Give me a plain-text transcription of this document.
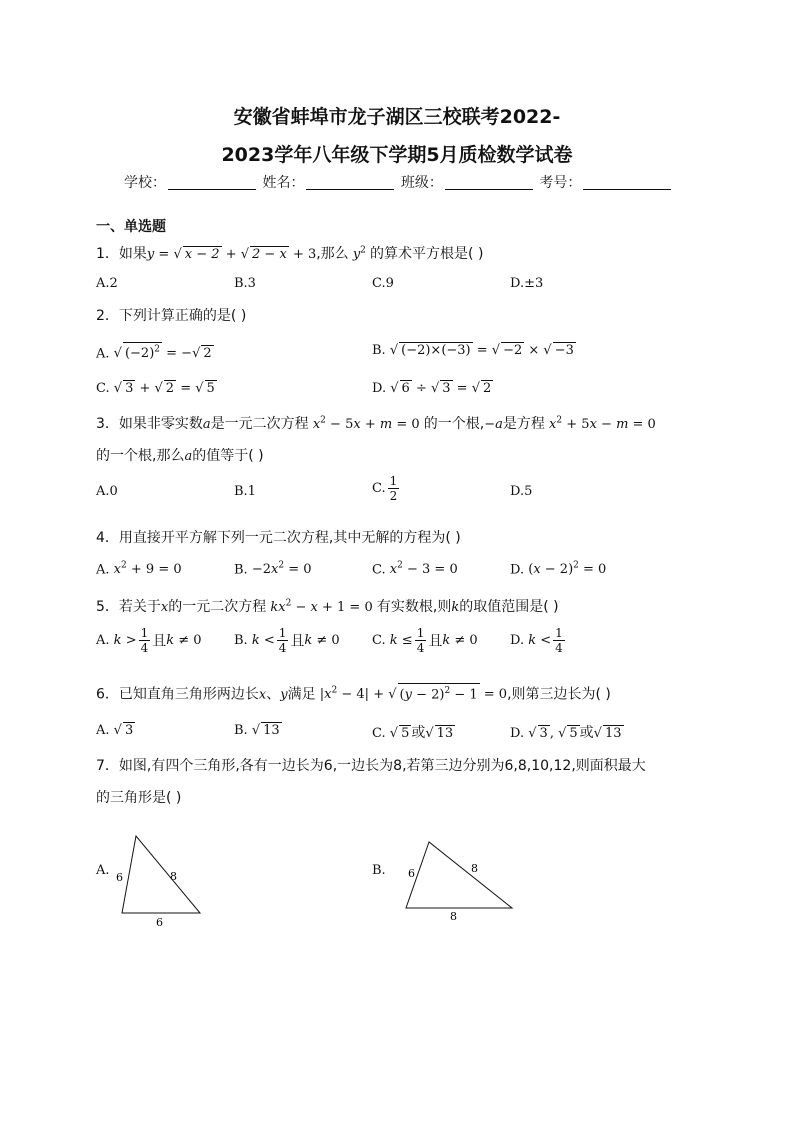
安徽省蚌埠市龙子湖区三校联考2022-
2023学年八年级下学期5月质检数学试卷
学校：	姓名：	班级：	考号：
一、单选题
1．如果y = √ x − 2 + √ 2 − x + 3,那么 $y^2$ 的算术平方根是( )
A.2	B.3	C.9	D.±3
2．下列计算正确的是( )
A. √ $(-2)^2$ = −√ 2	B. √ (−2)×(−3) = √ −2 × √ −3
C. √ 3 + √ 2 = √ 5	D. √ 6 ÷ √ 3 = √ 2
3．如果非零实数a是一元二次方程 $x^2 - 5x + m = 0$ 的一个根,−a是方程 $x^2 + 5x - m = 0$
的一个根,那么a的值等于( )
A.0	B.1	C. $\frac{1}{2}$	D.5
4．用直接开平方解下列一元二次方程,其中无解的方程为( )
A. $x^2 + 9 = 0$	B. $-2x^2 = 0$	C. $x^2 - 3 = 0$	D. $(x - 2)^2 = 0$
5．若关于x的一元二次方程 $kx^2 - x + 1 = 0$ 有实数根,则k的取值范围是( )
A. $k > \frac{1}{4}$ 且k ≠ 0 B. $k < \frac{1}{4}$ 且k ≠ 0 C. $k \le \frac{1}{4}$ 且k ≠ 0 D. $k < \frac{1}{4}$
6．已知直角三角形两边长x、y满足 $|x^2 - 4|$ + √ $(y - 2)^2 - 1 = 0$,则第三边长为( )
A. √ 3	B. √ 13	C. √ 5 或√ 13	D. √ 3 , √ 5 或√ 13
7．如图,有四个三角形,各有一边长为6,一边长为8,若第三边分别为6,8,10,12,则面积最大
的三角形是( )
A. 6	8
6
B. 6	8
8
